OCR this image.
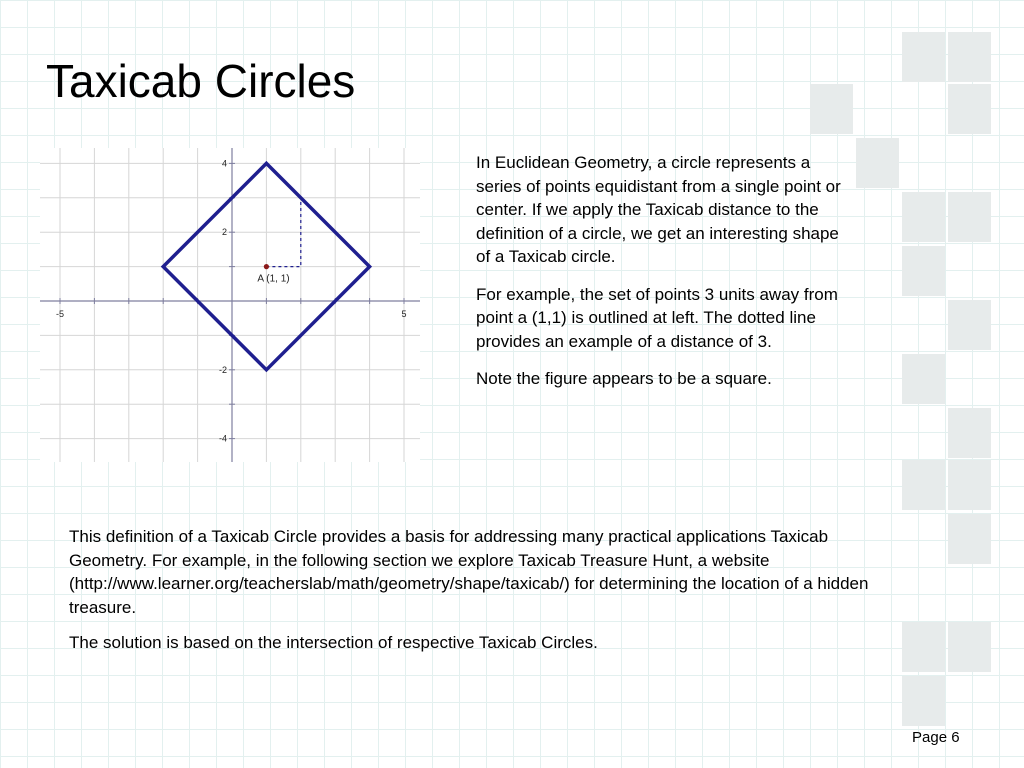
Taxicab Circles
-5	5
4
2
-2
-4
A (1, 1)

In Euclidean Geometry, a circle represents a series of points equidistant from a single point or center. If we apply the Taxicab distance to the definition of a circle, we get an interesting shape of a Taxicab circle.

For example, the set of points 3 units away from point a (1,1) is outlined at left. The dotted line provides an example of a distance of 3.

Note the figure appears to be a square.

This definition of a Taxicab Circle provides a basis for addressing many practical applications Taxicab Geometry. For example, in the following section we explore Taxicab Treasure Hunt, a website (http://www.learner.org/teacherslab/math/geometry/shape/taxicab/) for determining the location of a hidden treasure.

The solution is based on the intersection of respective Taxicab Circles.

Page 6
